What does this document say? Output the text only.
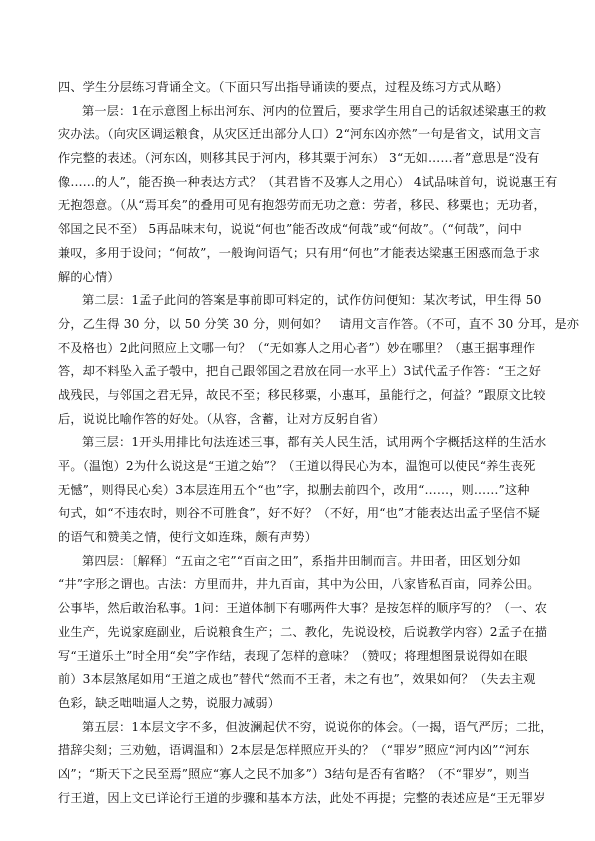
四、学生分层练习背诵全文。（下面只写出指导诵读的要点，过程及练习方式从略）
第一层：1在示意图上标出河东、河内的位置后，要求学生用自己的话叙述梁惠王的救
灾办法。（向灾区调运粮食，从灾区迁出部分人口）2“河东凶亦然”一句是省文，试用文言
作完整的表述。（河东凶，则移其民于河内，移其粟于河东） 3“无如……者”意思是“没有
像……的人”，能否换一种表达方式？（其君皆不及寡人之用心） 4试品味首句，说说惠王有
无抱怨意。（从“焉耳矣”的叠用可见有抱怨劳而无功之意：劳者，移民、移粟也；无功者，
邻国之民不至） 5再品味末句，说说“何也”能否改成“何哉”或“何故”。（“何哉”，问中
兼叹，多用于设问；“何故”，一般询问语气；只有用“何也”才能表达梁惠王困惑而急于求
解的心情）
第二层：1孟子此问的答案是事前即可料定的，试作仿问便知：某次考试，甲生得 50
分，乙生得 30 分，以 50 分笑 30 分，则何如？　请用文言作答。（不可，直不 30 分耳，是亦
不及格也）2此问照应上文哪一句？（“无如寡人之用心者”）妙在哪里？（惠王据事理作
答，却不料坠入孟子彀中，把自己跟邻国之君放在同一水平上）3试代孟子作答：“王之好
战残民，与邻国之君无异，故民不至；移民移粟，小惠耳，虽能行之，何益？”跟原文比较
后，说说比喻作答的好处。（从容，含蓄，让对方反躬自省）
第三层：1开头用排比句法连述三事，都有关人民生活，试用两个字概括这样的生活水
平。（温饱）2为什么说这是“王道之始”？（王道以得民心为本，温饱可以使民“养生丧死
无憾”，则得民心矣）3本层连用五个“也”字，拟删去前四个，改用“……，则……”这种
句式，如“不违农时，则谷不可胜食”，好不好？（不好，用“也”才能表达出孟子坚信不疑
的语气和赞美之情，使行文如连珠，颇有声势）
第四层：〔解释〕“五亩之宅”“百亩之田”，系指井田制而言。井田者，田区划分如
“井”字形之谓也。古法：方里而井，井九百亩，其中为公田，八家皆私百亩，同养公田。
公事毕，然后敢治私事。1问：王道体制下有哪两件大事？是按怎样的顺序写的？（一、农
业生产，先说家庭副业，后说粮食生产；二、教化，先说设校，后说教学内容）2孟子在描
写“王道乐土”时全用“矣”字作结，表现了怎样的意味？（赞叹；将理想图景说得如在眼
前）3本层煞尾如用“王道之成也”替代“然而不王者，未之有也”，效果如何？（失去主观
色彩，缺乏咄咄逼人之势，说服力减弱）
第五层：1本层文字不多，但波澜起伏不穷，说说你的体会。（一揭，语气严厉；二批，
措辞尖刻；三劝勉，语调温和）2本层是怎样照应开头的？（“罪岁”照应“河内凶”“河东
凶”；“斯天下之民至焉”照应“寡人之民不加多”）3结句是否有省略？（不“罪岁”，则当
行王道，因上文已详论行王道的步骤和基本方法，此处不再提；完整的表述应是“王无罪岁
